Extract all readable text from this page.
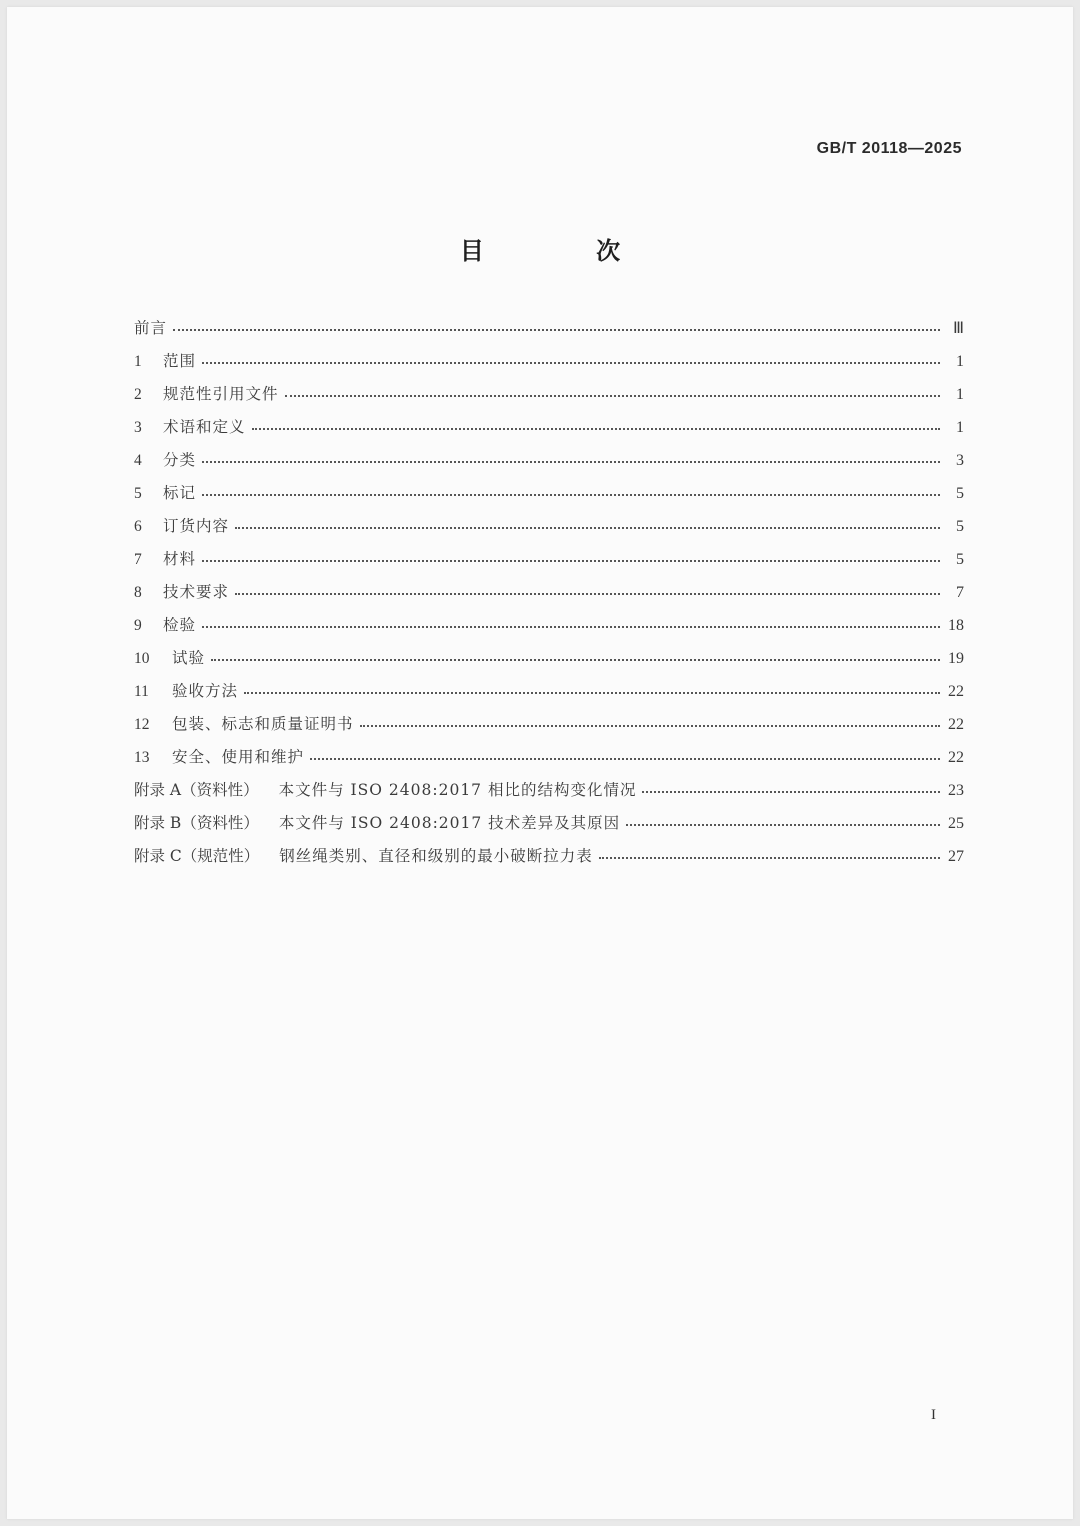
GB/T 20118—2025
目 次
前言	Ⅲ
1	范围	1
2	规范性引用文件	1
3	术语和定义	1
4	分类	3
5	标记	5
6	订货内容	5
7	材料	5
8	技术要求	7
9	检验	18
10	试验	19
11	验收方法	22
12	包装、标志和质量证明书	22
13	安全、使用和维护	22
附录 A（资料性） 本文件与 ISO 2408:2017 相比的结构变化情况	23
附录 B（资料性） 本文件与 ISO 2408:2017 技术差异及其原因	25
附录 C（规范性） 钢丝绳类别、直径和级别的最小破断拉力表	27
I
